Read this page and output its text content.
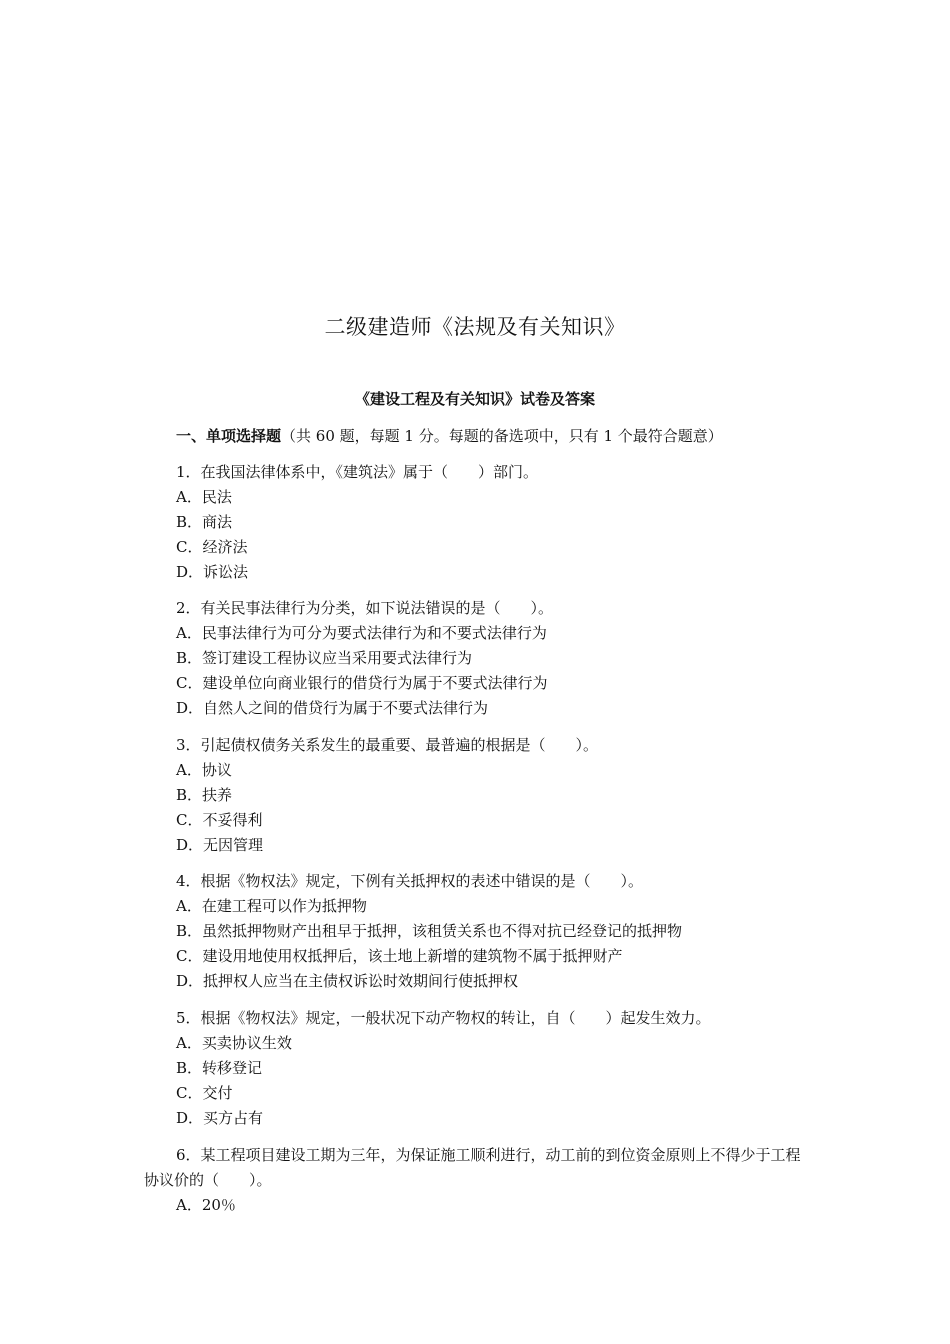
二级建造师《法规及有关知识》
《建设工程及有关知识》试卷及答案
一、单项选择题（共 60 题，每题 1 分。每题的备选项中，只有 1 个最符合题意）
1．在我国法律体系中，《建筑法》属于（　　）部门。
A．民法
B．商法
C．经济法
D．诉讼法
2．有关民事法律行为分类，如下说法错误的是（　　）。
A．民事法律行为可分为要式法律行为和不要式法律行为
B．签订建设工程协议应当采用要式法律行为
C．建设单位向商业银行的借贷行为属于不要式法律行为
D．自然人之间的借贷行为属于不要式法律行为
3．引起债权债务关系发生的最重要、最普遍的根据是（　　）。
A．协议
B．扶养
C．不妥得利
D．无因管理
4．根据《物权法》规定，下例有关抵押权的表述中错误的是（　　）。
A．在建工程可以作为抵押物
B．虽然抵押物财产出租早于抵押，该租赁关系也不得对抗已经登记的抵押物
C．建设用地使用权抵押后，该土地上新增的建筑物不属于抵押财产
D．抵押权人应当在主债权诉讼时效期间行使抵押权
5．根据《物权法》规定，一般状况下动产物权的转让，自（　　）起发生效力。
A．买卖协议生效
B．转移登记
C．交付
D．买方占有
6．某工程项目建设工期为三年，为保证施工顺利进行，动工前的到位资金原则上不得少于工程协议价的（　　）。
A．20％
